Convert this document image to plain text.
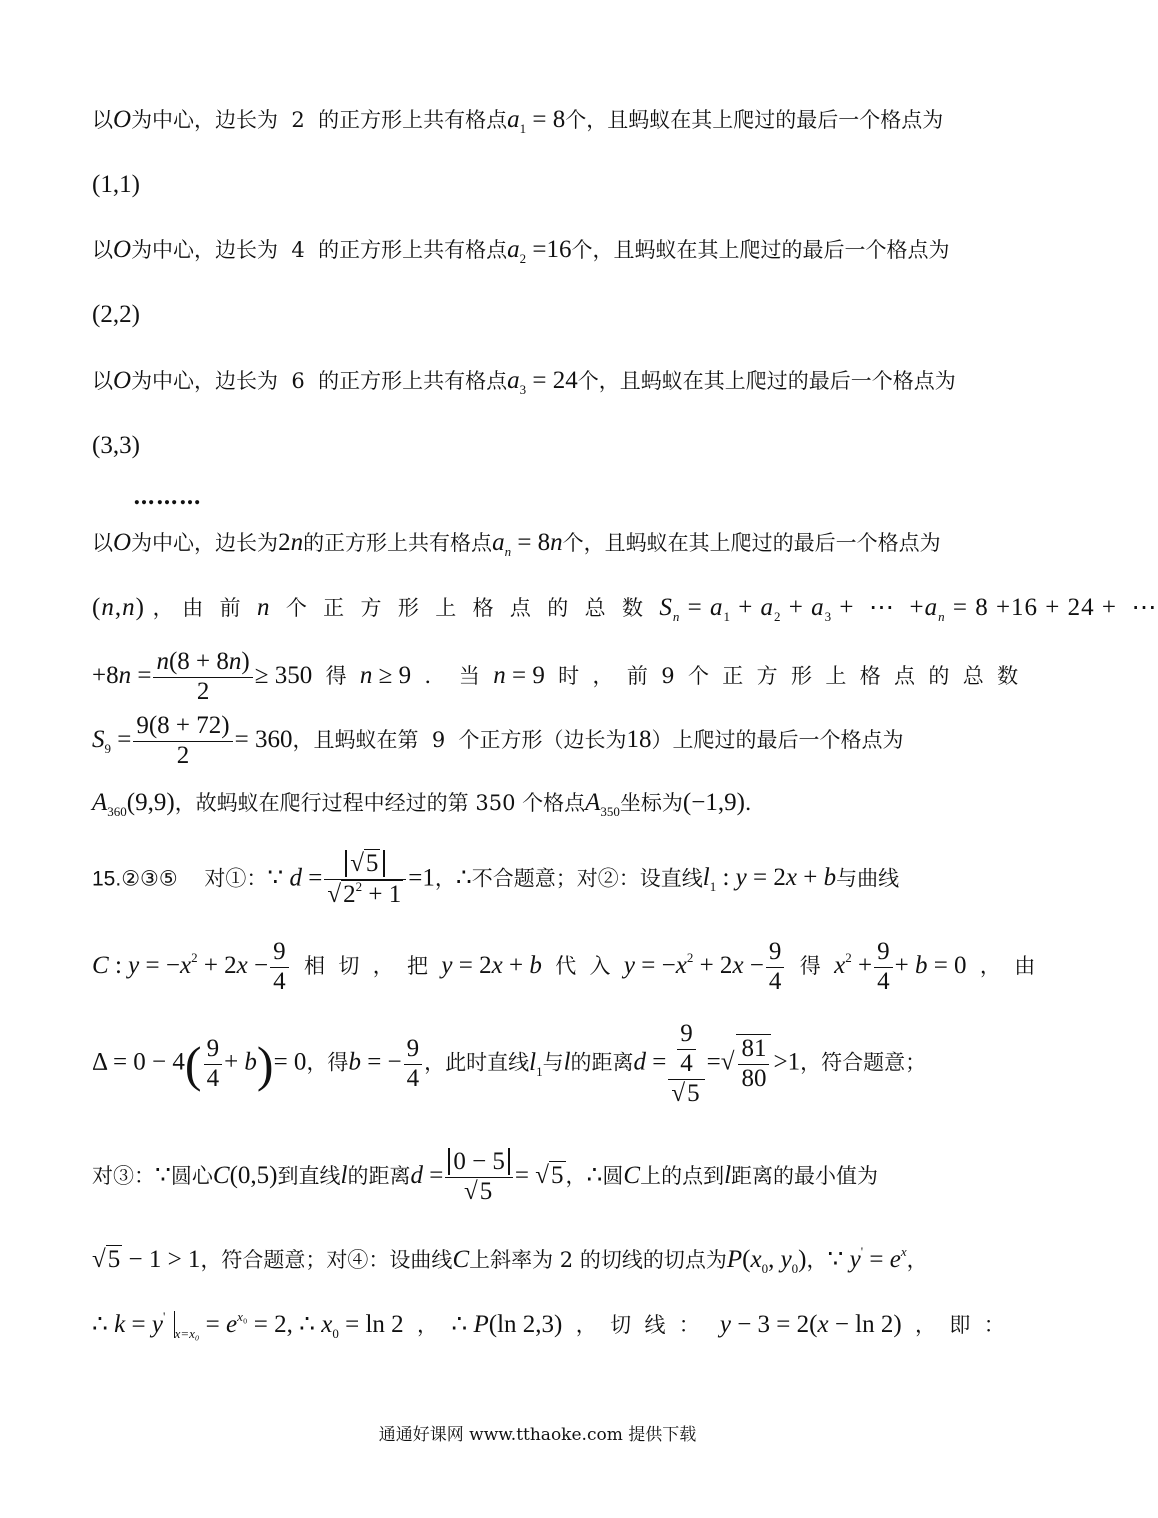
以O为中心，边长为  2  的正方形上共有格点$a_1 = 8$个，且蚂蚁在其上爬过的最后一个格点为
(1,1)
以O为中心，边长为  4  的正方形上共有格点$a_2 =16$个，且蚂蚁在其上爬过的最后一个格点为
(2,2)
以O为中心，边长为  6  的正方形上共有格点$a_3 = 24$个，且蚂蚁在其上爬过的最后一个格点为
(3,3)
………
以O为中心，边长为2n的正方形上共有格点$a_n = 8n$个，且蚂蚁在其上爬过的最后一个格点为
(n,n) ， 由  前  n  个  正  方  形  上  格  点  的  总  数  $S_n = a_1 + a_2 + a_3$ +  ⋯  $+a_n = 8 +16 + 24$ +  ⋯
$+8n = \frac{n(8 + 8n)}{2} \ge 350$  得  n ≥ 9  ．  当  n = 9  时  ，  前  9  个  正  方  形  上  格  点  的  总  数
$S_9 = \frac{9(8 + 72)}{2} = 360$，且蚂蚁在第  9  个正方形（边长为18）上爬过的最后一个格点为
$A_{360}(9,9)$，故蚂蚁在爬行过程中经过的第 350 个格点$A_{350}$坐标为(−1,9)．
15.②③⑤    对①：∵ $d = \frac{√5}{√2^2 + 1} =1$，∴不合题意；对②：设直线$l_1$ : y = 2x + b与曲线
C : $y = -x^2 + 2x - \frac{9}{4}$ 相  切  ，  把  y = 2x + b  代  入  $y = -x^2 + 2x - \frac{9}{4}$ 得  $x^2 + \frac{9}{4} + b = 0$  ，  由
$\Delta = 0 - 4( \frac{9}{4} + b)= 0$，得b = − $\frac{9}{4}$ ，此时直线$l_1$与l的距离$d = \frac{\frac{9}{4}}{√5}$ =√ $\frac{81}{80} >1$，符合题意；
对③：∵圆心C(0,5)到直线l的距离$d = \frac{0 - 5}{√5} = √5$，∴圆C上的点到l距离的最小值为
√5 − 1 > 1，符合题意；对④：设曲线C上斜率为 2 的切线的切点为$P(x_0$, $y_0$)，∵ $y' = e^x$，
∴ k = y' $_{x=x_0} = e^{x_0} = 2$, ∴ $x_0 = \ln 2$  ，  ∴ P(ln 2,3)  ，  切  线  ：   y − 3 = 2(x − ln 2)  ，  即  ：
通通好课网 www.tthaoke.com 提供下载
